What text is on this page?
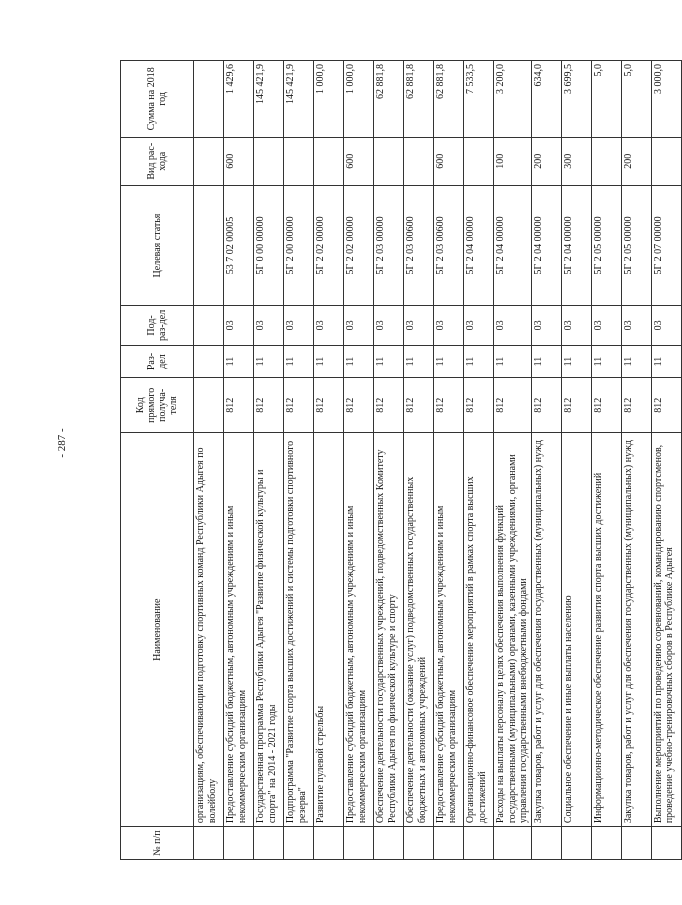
- 287 -
№ п/п	Наименование	Код прямого получа-теля	Раз-дел	Под-раз-дел	Целевая статья	Вид рас-хода	Сумма на 2018 год
	организациям, обеспечивающим подготовку спортивных команд Республики Адыгея по волейболу						
	Предоставление субсидий бюджетным, автономным учреждениям и иным некоммерческим организациям	812	11	03	53 7 02 00005	600	1 429,6
	Государственная программа Республики Адыгея "Развитие физической культуры и спорта" на 2014 - 2021 годы	812	11	03	5Г 0 00 00000		145 421,9
	Подпрограмма "Развитие спорта высших достижений и системы подготовки спортивного резерва"	812	11	03	5Г 2 00 00000		145 421,9
	Развитие пулевой стрельбы	812	11	03	5Г 2 02 00000		1 000,0
	Предоставление субсидий бюджетным, автономным учреждениям и иным некоммерческим организациям	812	11	03	5Г 2 02 00000	600	1 000,0
	Обеспечение деятельности государственных учреждений, подведомственных Комитету Республики Адыгея по физической культуре и спорту	812	11	03	5Г 2 03 00000		62 881,8
	Обеспечение деятельности (оказание услуг) подведомственных государственных бюджетных и автономных учреждений	812	11	03	5Г 2 03 00600		62 881,8
	Предоставление субсидий бюджетным, автономным учреждениям и иным некоммерческим организациям	812	11	03	5Г 2 03 00600	600	62 881,8
	Организационно-финансовое обеспечение мероприятий в рамках спорта высших достижений	812	11	03	5Г 2 04 00000		7 533,5
	Расходы на выплаты персоналу в целях обеспечения выполнения функций государственными (муниципальными) органами, казенными учреждениями, органами управления государственными внебюджетными фондами	812	11	03	5Г 2 04 00000	100	3 200,0
	Закупка товаров, работ и услуг для обеспечения государственных (муниципальных) нужд	812	11	03	5Г 2 04 00000	200	634,0
	Социальное обеспечение и иные выплаты населению	812	11	03	5Г 2 04 00000	300	3 699,5
	Информационно-методическое обеспечение развития спорта высших достижений	812	11	03	5Г 2 05 00000		5,0
	Закупка товаров, работ и услуг для обеспечения государственных (муниципальных) нужд	812	11	03	5Г 2 05 00000	200	5,0
	Выполнение мероприятий по проведению соревнований, командированию спортсменов, проведение учебно-тренировочных сборов в Республике Адыгея	812	11	03	5Г 2 07 00000		3 000,0
